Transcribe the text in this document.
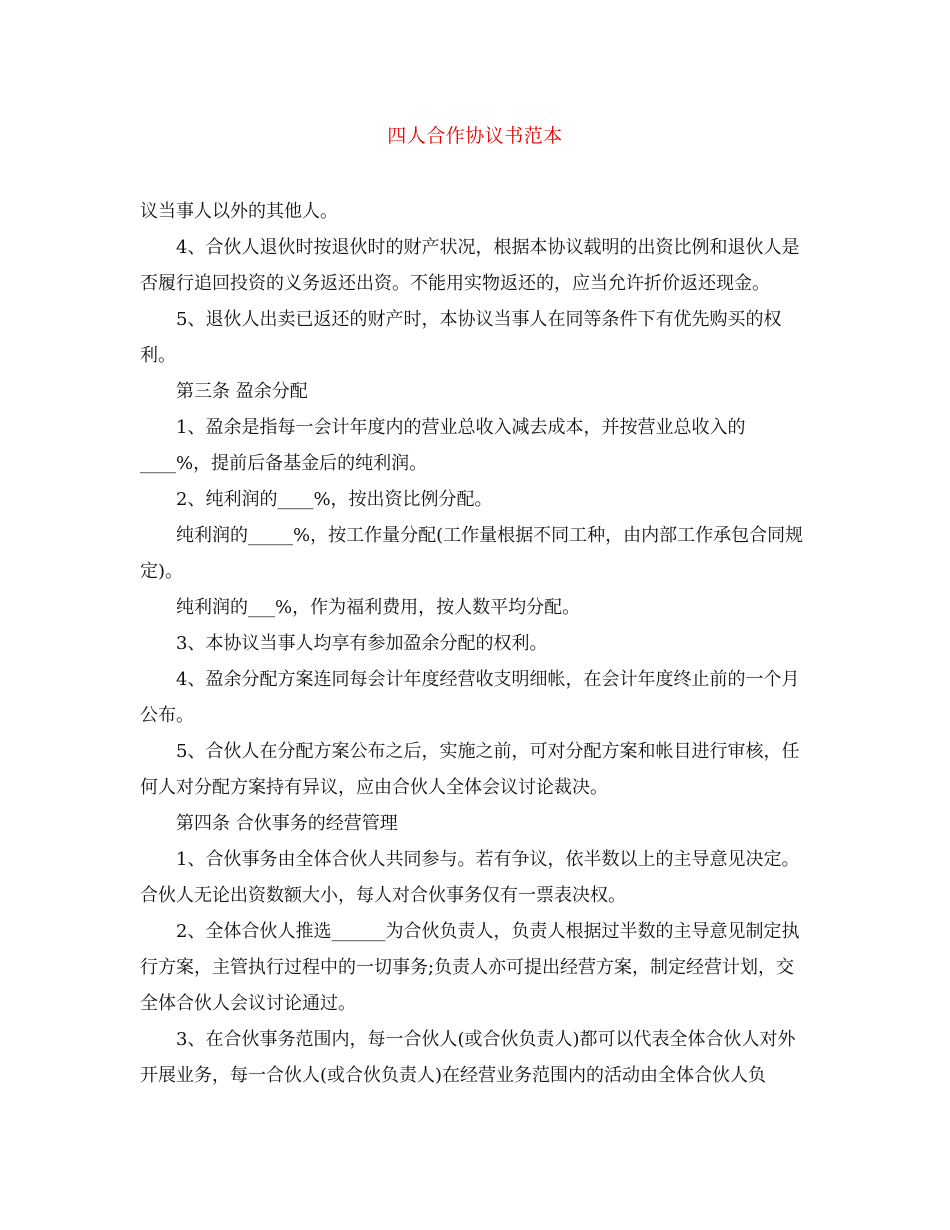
四人合作协议书范本

议当事人以外的其他人。

4、合伙人退伙时按退伙时的财产状况，根据本协议载明的出资比例和退伙人是否履行追回投资的义务返还出资。不能用实物返还的，应当允许折价返还现金。

5、退伙人出卖已返还的财产时，本协议当事人在同等条件下有优先购买的权利。

第三条 盈余分配

1、盈余是指每一会计年度内的营业总收入减去成本，并按营业总收入的____%，提前后备基金后的纯利润。

2、纯利润的____%，按出资比例分配。

纯利润的_____%，按工作量分配(工作量根据不同工种，由内部工作承包合同规定)。

纯利润的___%，作为福利费用，按人数平均分配。

3、本协议当事人均享有参加盈余分配的权利。

4、盈余分配方案连同每会计年度经营收支明细帐，在会计年度终止前的一个月公布。

5、合伙人在分配方案公布之后，实施之前，可对分配方案和帐目进行审核，任何人对分配方案持有异议，应由合伙人全体会议讨论裁决。

第四条 合伙事务的经营管理

1、合伙事务由全体合伙人共同参与。若有争议，依半数以上的主导意见决定。合伙人无论出资数额大小，每人对合伙事务仅有一票表决权。

2、全体合伙人推选______为合伙负责人，负责人根据过半数的主导意见制定执行方案，主管执行过程中的一切事务;负责人亦可提出经营方案，制定经营计划，交全体合伙人会议讨论通过。

3、在合伙事务范围内，每一合伙人(或合伙负责人)都可以代表全体合伙人对外开展业务，每一合伙人(或合伙负责人)在经营业务范围内的活动由全体合伙人负
